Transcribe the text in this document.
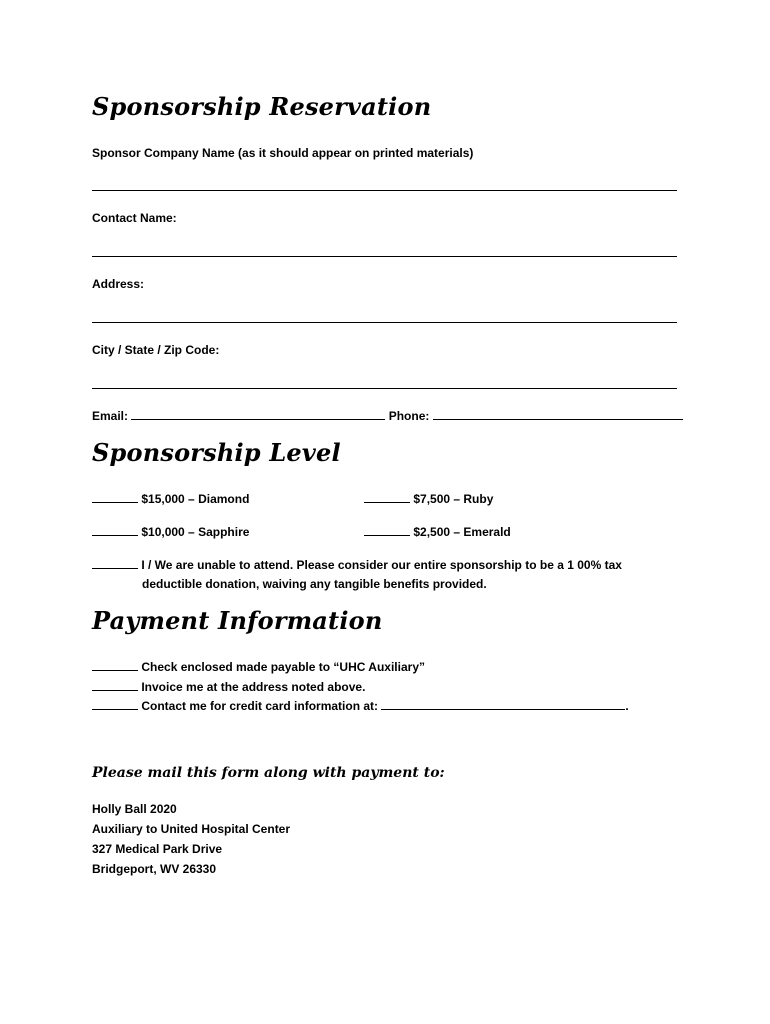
Sponsorship Reservation
Sponsor Company Name (as it should appear on printed materials)
Contact Name:
Address:
City / State / Zip Code:
Email:	Phone:
Sponsorship Level
$15,000 – Diamond	$7,500 – Ruby
$10,000 – Sapphire	$2,500 – Emerald
I / We are unable to attend. Please consider our entire sponsorship to be a 1 00% tax
deductible donation, waiving any tangible benefits provided.
Payment Information
Check enclosed made payable to “UHC Auxiliary”
Invoice me at the address noted above.
Contact me for credit card information at:	.
Please mail this form along with payment to:
Holly Ball 2020
Auxiliary to United Hospital Center
327 Medical Park Drive
Bridgeport, WV 26330
